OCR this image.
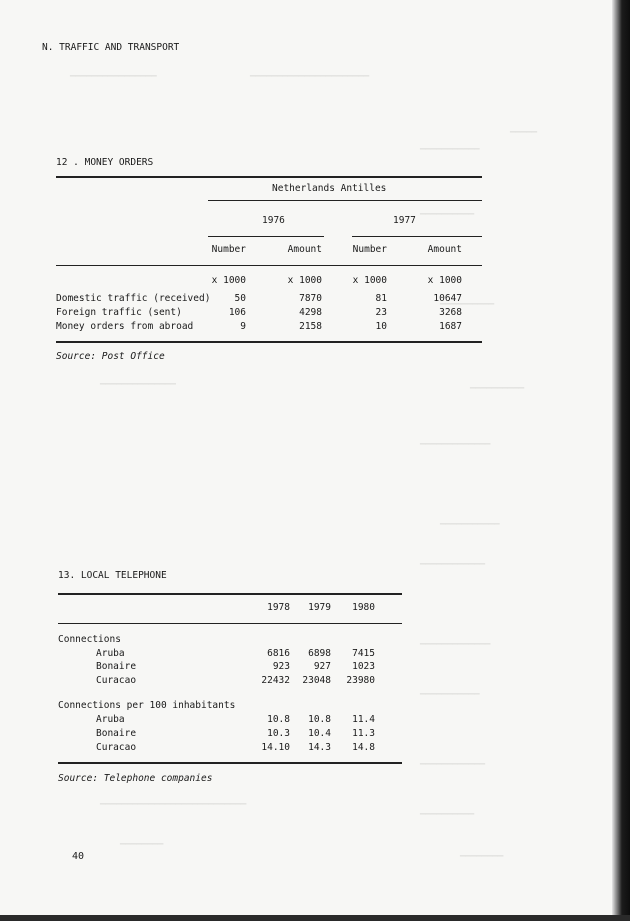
────────────────	──────────────────────
─────
───────────
──────────
──────────
──────────────	──────────
─────────────
───────────
────────────
─────────────
───────────
────────────
───────────────────────────
──────────
────────
────────
N. TRAFFIC AND TRANSPORT
12 . MONEY ORDERS
Netherlands Antilles
1976	1977
Number	Amount	Number	Amount
x 1000	x 1000	x 1000	x 1000
Domestic traffic (received)	50	7870	81	10647
Foreign traffic (sent)	106	4298	23	3268
Money orders from abroad	9	2158	10	1687
Source: Post Office
13. LOCAL TELEPHONE
1978	1979	1980
Connections
Aruba	6816	6898	7415
Bonaire	923	927	1023
Curacao	22432	23048	23980
Connections per 100 inhabitants
Aruba	10.8	10.8	11.4
Bonaire	10.3	10.4	11.3
Curacao	14.10	14.3	14.8
Source: Telephone companies
40
